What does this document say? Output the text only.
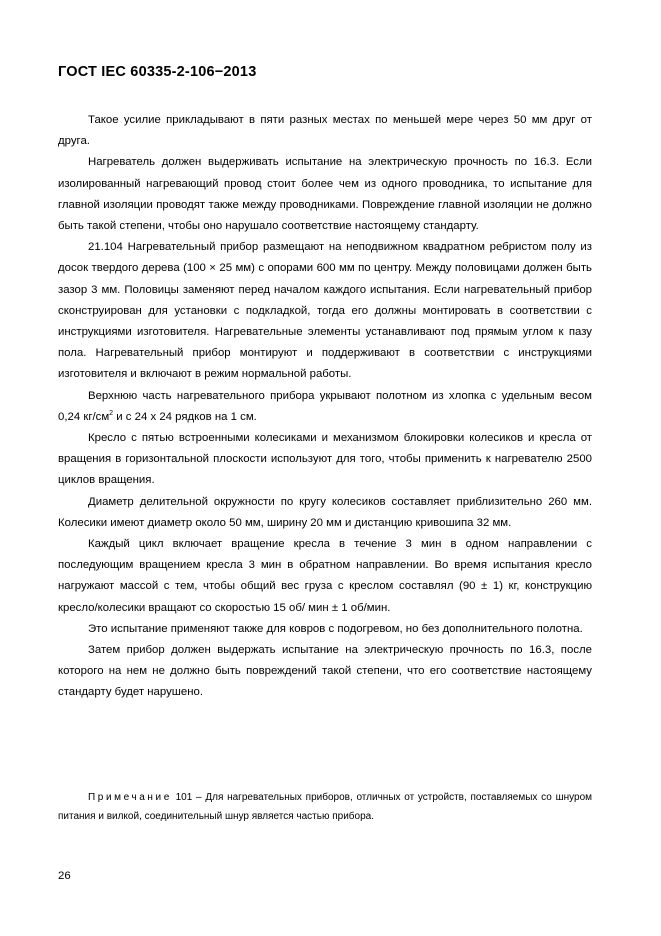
ГОСТ IEC 60335-2-106−2013

Такое усилие прикладывают в пяти разных местах по меньшей мере через 50 мм друг от друга.

Нагреватель должен выдерживать испытание на электрическую прочность по 16.3. Если изолированный нагревающий провод стоит более чем из одного проводника, то испытание для главной изоляции проводят также между проводниками. Повреждение главной изоляции не должно быть такой степени, чтобы оно нарушало соответствие настоящему стандарту.

21.104 Нагревательный прибор размещают на неподвижном квадратном ребристом полу из досок твердого дерева (100 × 25 мм) с опорами 600 мм по центру. Между половицами должен быть зазор 3 мм. Половицы заменяют перед началом каждого испытания. Если нагревательный прибор сконструирован для установки с подкладкой, тогда его должны монтировать в соответствии с инструкциями изготовителя. Нагревательные элементы устанавливают под прямым углом к пазу пола. Нагревательный прибор монтируют и поддерживают в соответствии с инструкциями изготовителя и включают в режим нормальной работы.

Верхнюю часть нагревательного прибора укрывают полотном из хлопка с удельным весом 0,24 $кг/см^2$ и с 24 х 24 рядков на 1 см.

Кресло с пятью встроенными колесиками и механизмом блокировки колесиков и кресла от вращения в горизонтальной плоскости используют для того, чтобы применить к нагревателю 2500 циклов вращения.

Диаметр делительной окружности по кругу колесиков составляет приблизительно 260 мм. Колесики имеют диаметр около 50 мм, ширину 20 мм и дистанцию кривошипа 32 мм.

Каждый цикл включает вращение кресла в течение 3 мин в одном направлении с последующим вращением кресла 3 мин в обратном направлении. Во время испытания кресло нагружают массой с тем, чтобы общий вес груза с креслом составлял (90 ± 1) кг, конструкцию кресло/колесики вращают со скоростью 15 об/ мин ± 1 об/мин.

Это испытание применяют также для ковров с подогревом, но без дополнительного полотна.

Затем прибор должен выдержать испытание на электрическую прочность по 16.3, после которого на нем не должно быть повреждений такой степени, что его соответствие настоящему стандарту будет нарушено.

Примечание 101 – Для нагревательных приборов, отличных от устройств, поставляемых со шнуром питания и вилкой, соединительный шнур является частью прибора.
26
